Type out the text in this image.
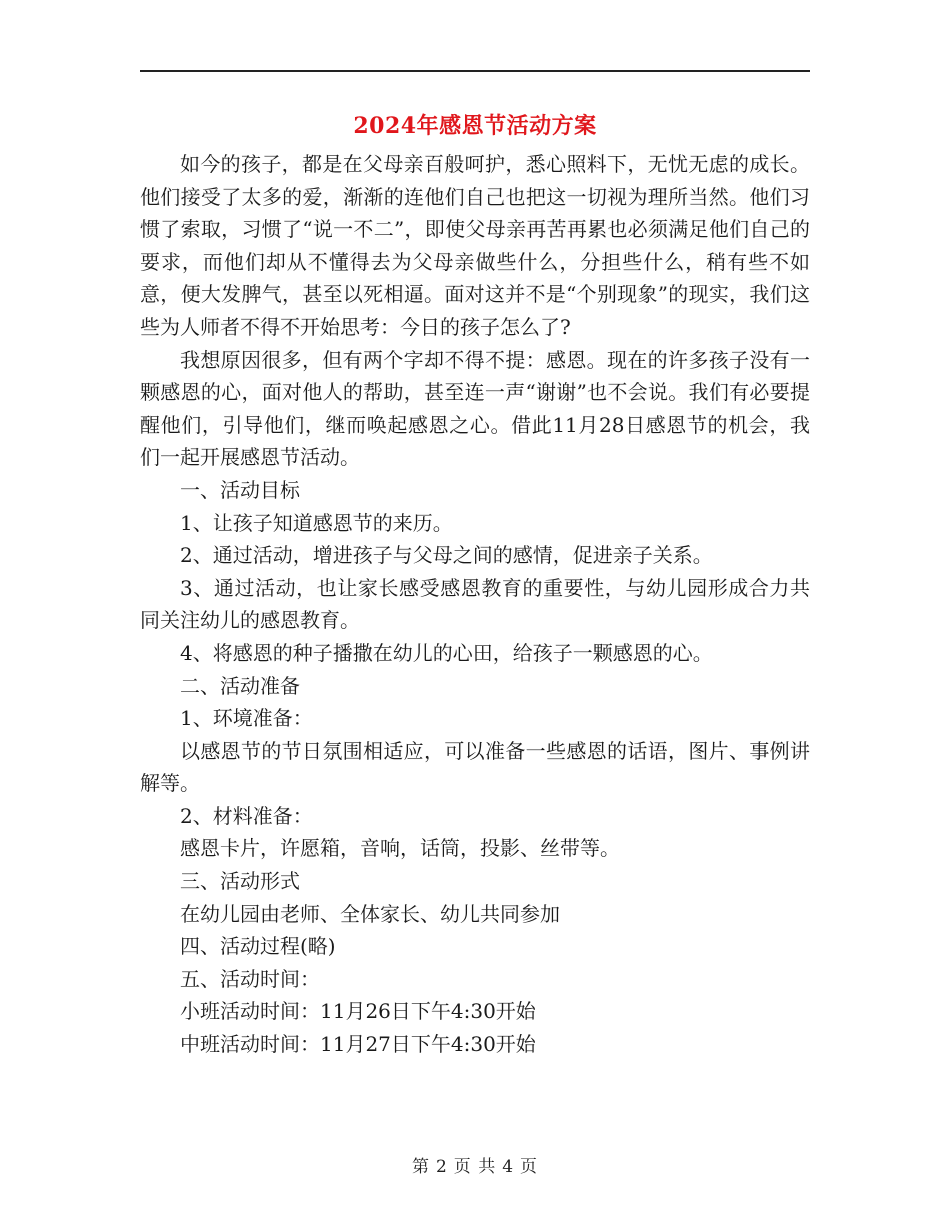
2024年感恩节活动方案

如今的孩子，都是在父母亲百般呵护，悉心照料下，无忧无虑的成长。他们接受了太多的爱，渐渐的连他们自己也把这一切视为理所当然。他们习惯了索取，习惯了“说一不二”，即使父母亲再苦再累也必须满足他们自己的要求，而他们却从不懂得去为父母亲做些什么，分担些什么，稍有些不如意，便大发脾气，甚至以死相逼。面对这并不是“个别现象”的现实，我们这些为人师者不得不开始思考：今日的孩子怎么了?

我想原因很多，但有两个字却不得不提：感恩。现在的许多孩子没有一颗感恩的心，面对他人的帮助，甚至连一声“谢谢”也不会说。我们有必要提醒他们，引导他们，继而唤起感恩之心。借此11月28日感恩节的机会，我们一起开展感恩节活动。

一、活动目标

1、让孩子知道感恩节的来历。

2、通过活动，增进孩子与父母之间的感情，促进亲子关系。

3、通过活动，也让家长感受感恩教育的重要性，与幼儿园形成合力共同关注幼儿的感恩教育。

4、将感恩的种子播撒在幼儿的心田，给孩子一颗感恩的心。

二、活动准备

1、环境准备：

以感恩节的节日氛围相适应，可以准备一些感恩的话语，图片、事例讲解等。

2、材料准备：

感恩卡片，许愿箱，音响，话筒，投影、丝带等。

三、活动形式

在幼儿园由老师、全体家长、幼儿共同参加

四、活动过程(略)

五、活动时间：

小班活动时间：11月26日下午4:30开始

中班活动时间：11月27日下午4:30开始

第 2 页 共 4 页
